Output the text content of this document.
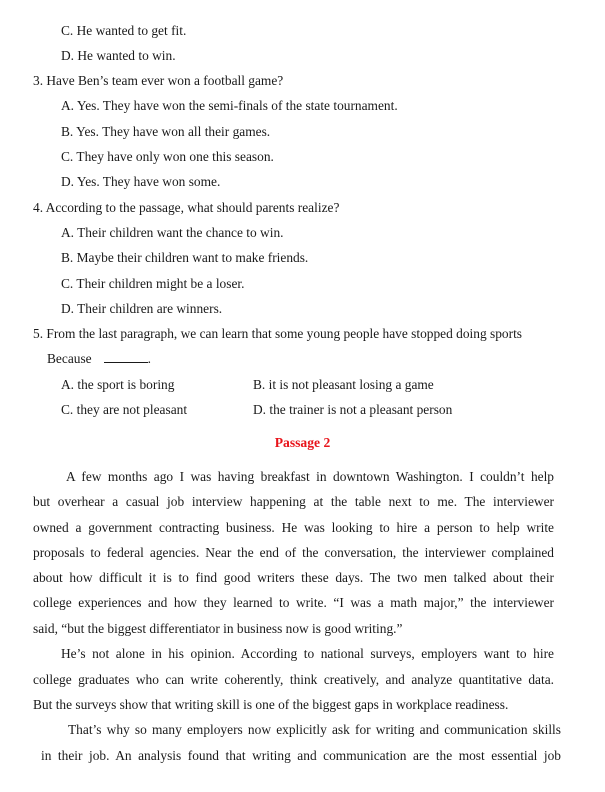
C. He wanted to get fit.
D. He wanted to win.
3. Have Ben’s team ever won a football game?
A. Yes. They have won the semi-finals of the state tournament.
B. Yes. They have won all their games.
C. They have only won one this season.
D. Yes. They have won some.
4. According to the passage, what should parents realize?
A. Their children want the chance to win.
B. Maybe their children want to make friends.
C. Their children might be a loser.
D. Their children are winners.
5. From the last paragraph, we can learn that some young people have stopped doing sports
Because	.
A. the sport is boring	B. it is not pleasant losing a game
C. they are not pleasant	D. the trainer is not a pleasant person
Passage 2
A few months ago I was having breakfast in downtown Washington. I couldn’t help
but overhear a casual job interview happening at the table next to me. The interviewer
owned a government contracting business. He was looking to hire a person to help write
proposals to federal agencies. Near the end of the conversation, the interviewer complained
about how difficult it is to find good writers these days. The two men talked about their
college experiences and how they learned to write. “I was a math major,” the interviewer
said, “but the biggest differentiator in business now is good writing.”
He’s not alone in his opinion. According to national surveys, employers want to hire
college graduates who can write coherently, think creatively, and analyze quantitative data.
But the surveys show that writing skill is one of the biggest gaps in workplace readiness.
That’s why so many employers now explicitly ask for writing and communication skills
in their job. An analysis found that writing and communication are the most essential job
